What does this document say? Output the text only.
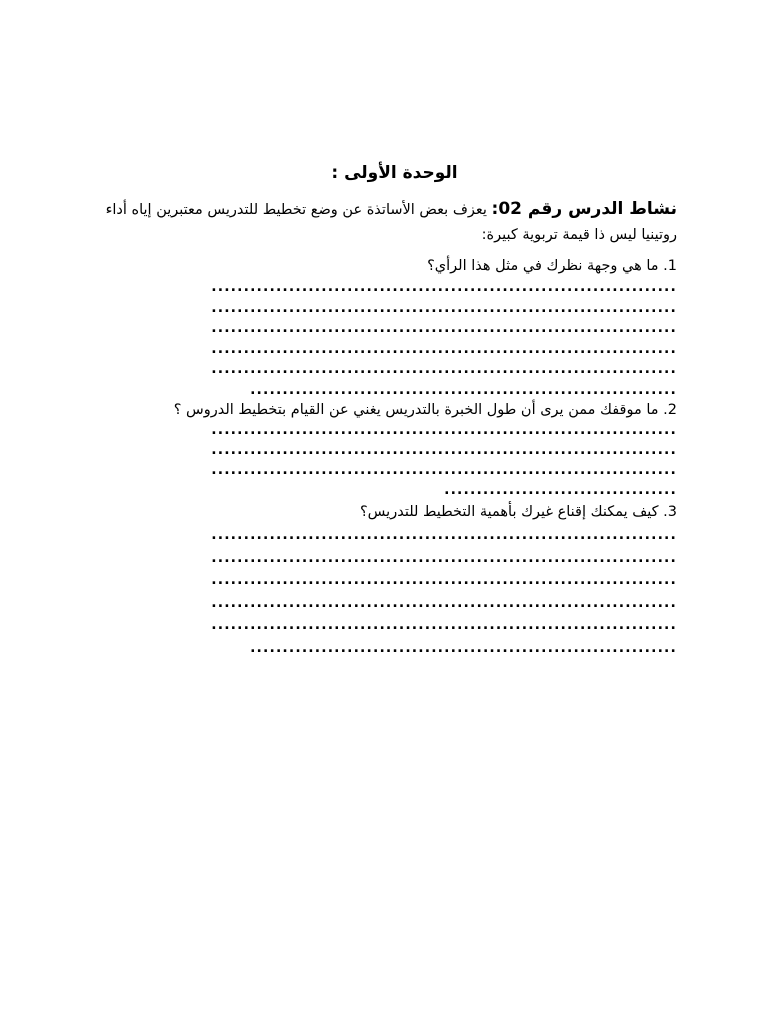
الوحدة الأولى :

نشاط الدرس رقم 02: يعزف بعض الأساتذة عن وضع تخطيط للتدريس معتبرين إياه أداء روتينيا ليس ذا قيمة تربوية كبيرة:

1. ما هي وجهة نظرك في مثل هذا الرأي؟

........................................................................
........................................................................
........................................................................
........................................................................
........................................................................
..................................................................

2. ما موقفك ممن يرى أن طول الخبرة بالتدريس يغني عن القيام بتخطيط الدروس ؟

........................................................................
........................................................................
........................................................................
....................................

3. كيف يمكنك إقناع غيرك بأهمية التخطيط للتدريس؟

........................................................................
........................................................................
........................................................................
........................................................................
........................................................................
..................................................................
